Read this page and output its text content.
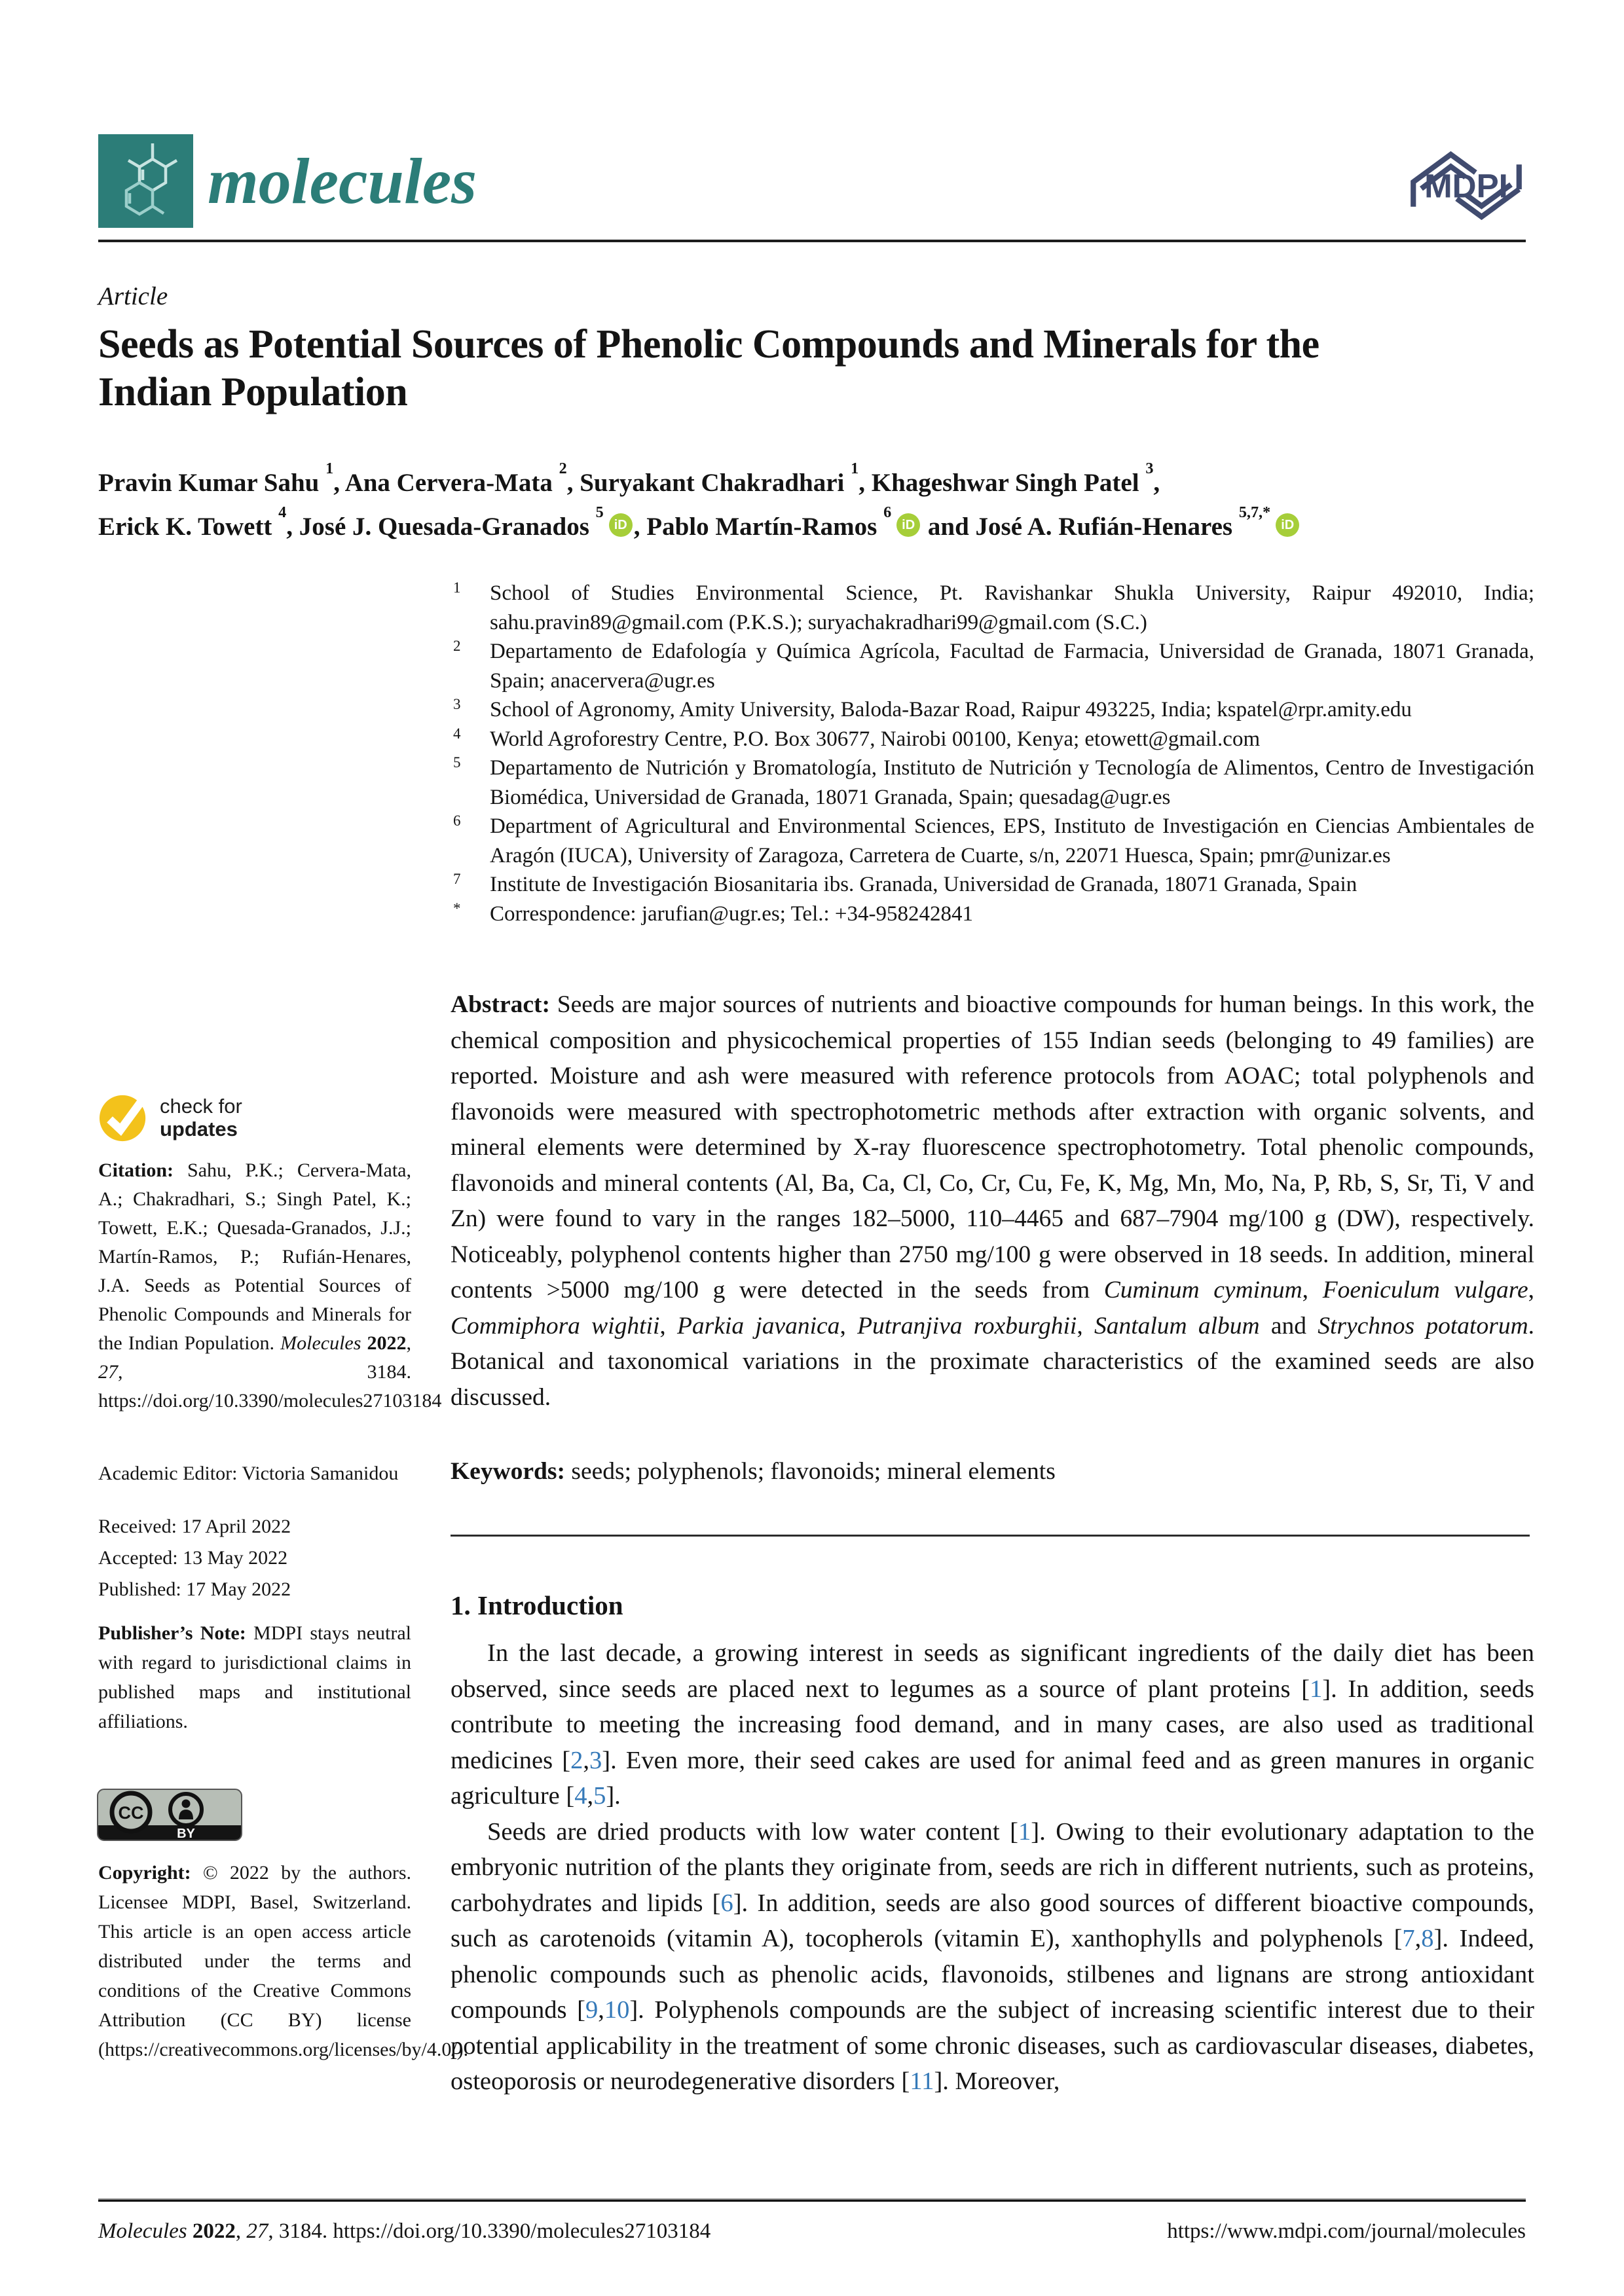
molecules	MDPI
Article
Seeds as Potential Sources of Phenolic Compounds and Minerals for the Indian Population
Pravin Kumar Sahu $^1$, Ana Cervera-Mata $^2$, Suryakant Chakradhari $^1$, Khageshwar Singh Patel $^3$,
Erick K. Towett $^4$, José J. Quesada-Granados $^5$iD , Pablo Martín-Ramos $^6$iD and José A. Rufián-Henares $^{5,7,*}$iD
1	School of Studies Environmental Science, Pt. Ravishankar Shukla University, Raipur 492010, India; sahu.pravin89@gmail.com (P.K.S.); suryachakradhari99@gmail.com (S.C.)
2	Departamento de Edafología y Química Agrícola, Facultad de Farmacia, Universidad de Granada, 18071 Granada, Spain; anacervera@ugr.es
3	School of Agronomy, Amity University, Baloda-Bazar Road, Raipur 493225, India; kspatel@rpr.amity.edu
4	World Agroforestry Centre, P.O. Box 30677, Nairobi 00100, Kenya; etowett@gmail.com
5	Departamento de Nutrición y Bromatología, Instituto de Nutrición y Tecnología de Alimentos, Centro de Investigación Biomédica, Universidad de Granada, 18071 Granada, Spain; quesadag@ugr.es
6	Department of Agricultural and Environmental Sciences, EPS, Instituto de Investigación en Ciencias Ambientales de Aragón (IUCA), University of Zaragoza, Carretera de Cuarte, s/n, 22071 Huesca, Spain; pmr@unizar.es
7	Institute de Investigación Biosanitaria ibs. Granada, Universidad de Granada, 18071 Granada, Spain
*	Correspondence: jarufian@ugr.es; Tel.: +34-958242841
Abstract: Seeds are major sources of nutrients and bioactive compounds for human beings. In this work, the chemical composition and physicochemical properties of 155 Indian seeds (belonging to 49 families) are reported. Moisture and ash were measured with reference protocols from AOAC; total polyphenols and flavonoids were measured with spectrophotometric methods after extraction with organic solvents, and mineral elements were determined by X-ray fluorescence spectrophotometry. Total phenolic compounds, flavonoids and mineral contents (Al, Ba, Ca, Cl, Co, Cr, Cu, Fe, K, Mg, Mn, Mo, Na, P, Rb, S, Sr, Ti, V and Zn) were found to vary in the ranges 182–5000, 110–4465 and 687–7904 mg/100 g (DW), respectively. Noticeably, polyphenol contents higher than 2750 mg/100 g were observed in 18 seeds. In addition, mineral contents >5000 mg/100 g were detected in the seeds from Cuminum cyminum, Foeniculum vulgare, Commiphora wightii, Parkia javanica, Putranjiva roxburghii, Santalum album and Strychnos potatorum. Botanical and taxonomical variations in the proximate characteristics of the examined seeds are also discussed.
Keywords: seeds; polyphenols; flavonoids; mineral elements
1. Introduction
In the last decade, a growing interest in seeds as significant ingredients of the daily diet has been observed, since seeds are placed next to legumes as a source of plant proteins [1]. In addition, seeds contribute to meeting the increasing food demand, and in many cases, are also used as traditional medicines [2,3]. Even more, their seed cakes are used for animal feed and as green manures in organic agriculture [4,5].
Seeds are dried products with low water content [1]. Owing to their evolutionary adaptation to the embryonic nutrition of the plants they originate from, seeds are rich in different nutrients, such as proteins, carbohydrates and lipids [6]. In addition, seeds are also good sources of different bioactive compounds, such as carotenoids (vitamin A), tocopherols (vitamin E), xanthophylls and polyphenols [7,8]. Indeed, phenolic compounds such as phenolic acids, flavonoids, stilbenes and lignans are strong antioxidant compounds [9,10]. Polyphenols compounds are the subject of increasing scientific interest due to their potential applicability in the treatment of some chronic diseases, such as cardiovascular diseases, diabetes, osteoporosis or neurodegenerative disorders [11]. Moreover,
check for
updates
Citation: Sahu, P.K.; Cervera-Mata, A.; Chakradhari, S.; Singh Patel, K.; Towett, E.K.; Quesada-Granados, J.J.; Martín-Ramos, P.; Rufián-Henares, J.A. Seeds as Potential Sources of Phenolic Compounds and Minerals for the Indian Population. Molecules 2022, 27, 3184. https://doi.org/10.3390/molecules27103184
Academic Editor: Victoria Samanidou
Received: 17 April 2022
Accepted: 13 May 2022
Published: 17 May 2022
Publisher’s Note: MDPI stays neutral with regard to jurisdictional claims in published maps and institutional affiliations.
BY
CC
Copyright: © 2022 by the authors. Licensee MDPI, Basel, Switzerland. This article is an open access article distributed under the terms and conditions of the Creative Commons Attribution (CC BY) license (https://creativecommons.org/licenses/by/4.0/).
Molecules 2022, 27, 3184. https://doi.org/10.3390/molecules27103184	https://www.mdpi.com/journal/molecules
